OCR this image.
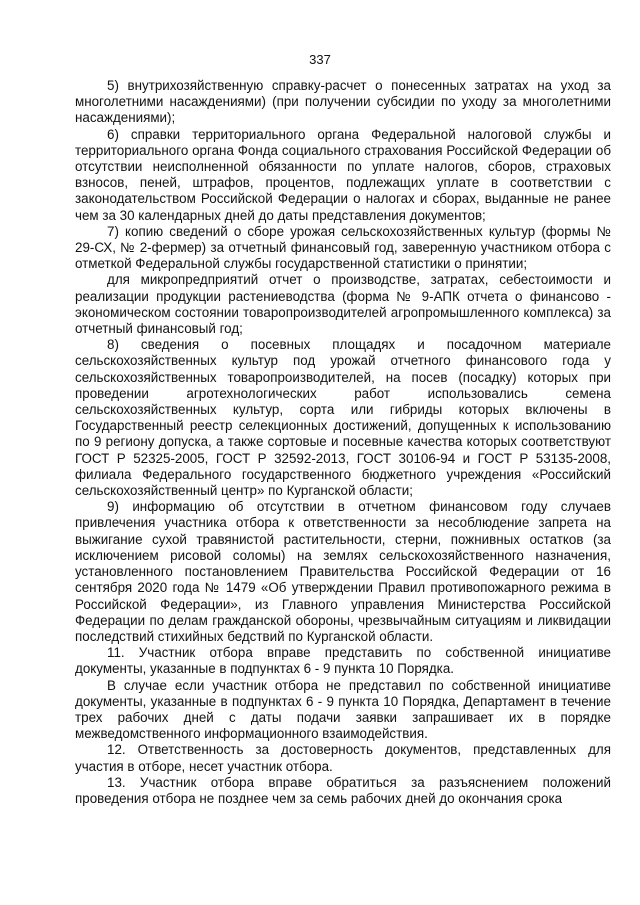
337

5) внутрихозяйственную справку-расчет о понесенных затратах на уход за многолетними насаждениями) (при получении субсидии по уходу за многолетними насаждениями);

6) справки территориального органа Федеральной налоговой службы и территориального органа Фонда социального страхования Российской Федерации об отсутствии неисполненной обязанности по уплате налогов, сборов, страховых взносов, пеней, штрафов, процентов, подлежащих уплате в соответствии с законодательством Российской Федерации о налогах и сборах, выданные не ранее чем за 30 календарных дней до даты представления документов;

7) копию сведений о сборе урожая сельскохозяйственных культур (формы № 29-СХ, № 2-фермер) за отчетный финансовый год, заверенную участником отбора с отметкой Федеральной службы государственной статистики о принятии;

для микропредприятий отчет о производстве, затратах, себестоимости и реализации продукции растениеводства (форма № 9-АПК отчета о финансово - экономическом состоянии товаропроизводителей агропромышленного комплекса) за отчетный финансовый год;

8) сведения о посевных площадях и посадочном материале сельскохозяйственных культур под урожай отчетного финансового года у сельскохозяйственных товаропроизводителей, на посев (посадку) которых при проведении агротехнологических работ использовались семена сельскохозяйственных культур, сорта или гибриды которых включены в Государственный реестр селекционных достижений, допущенных к использованию по 9 региону допуска, а также сортовые и посевные качества которых соответствуют ГОСТ Р 52325-2005, ГОСТ Р 32592-2013, ГОСТ 30106-94 и ГОСТ Р 53135-2008, филиала Федерального государственного бюджетного учреждения «Российский сельскохозяйственный центр» по Курганской области;

9) информацию об отсутствии в отчетном финансовом году случаев привлечения участника отбора к ответственности за несоблюдение запрета на выжигание сухой травянистой растительности, стерни, пожнивных остатков (за исключением рисовой соломы) на землях сельскохозяйственного назначения, установленного постановлением Правительства Российской Федерации от 16 сентября 2020 года № 1479 «Об утверждении Правил противопожарного режима в Российской Федерации», из Главного управления Министерства Российской Федерации по делам гражданской обороны, чрезвычайным ситуациям и ликвидации последствий стихийных бедствий по Курганской области.

11. Участник отбора вправе представить по собственной инициативе документы, указанные в подпунктах 6 - 9 пункта 10 Порядка.

В случае если участник отбора не представил по собственной инициативе документы, указанные в подпунктах 6 - 9 пункта 10 Порядка, Департамент в течение трех рабочих дней с даты подачи заявки запрашивает их в порядке межведомственного информационного взаимодействия.

12. Ответственность за достоверность документов, представленных для участия в отборе, несет участник отбора.

13. Участник отбора вправе обратиться за разъяснением положений проведения отбора не позднее чем за семь рабочих дней до окончания срока
